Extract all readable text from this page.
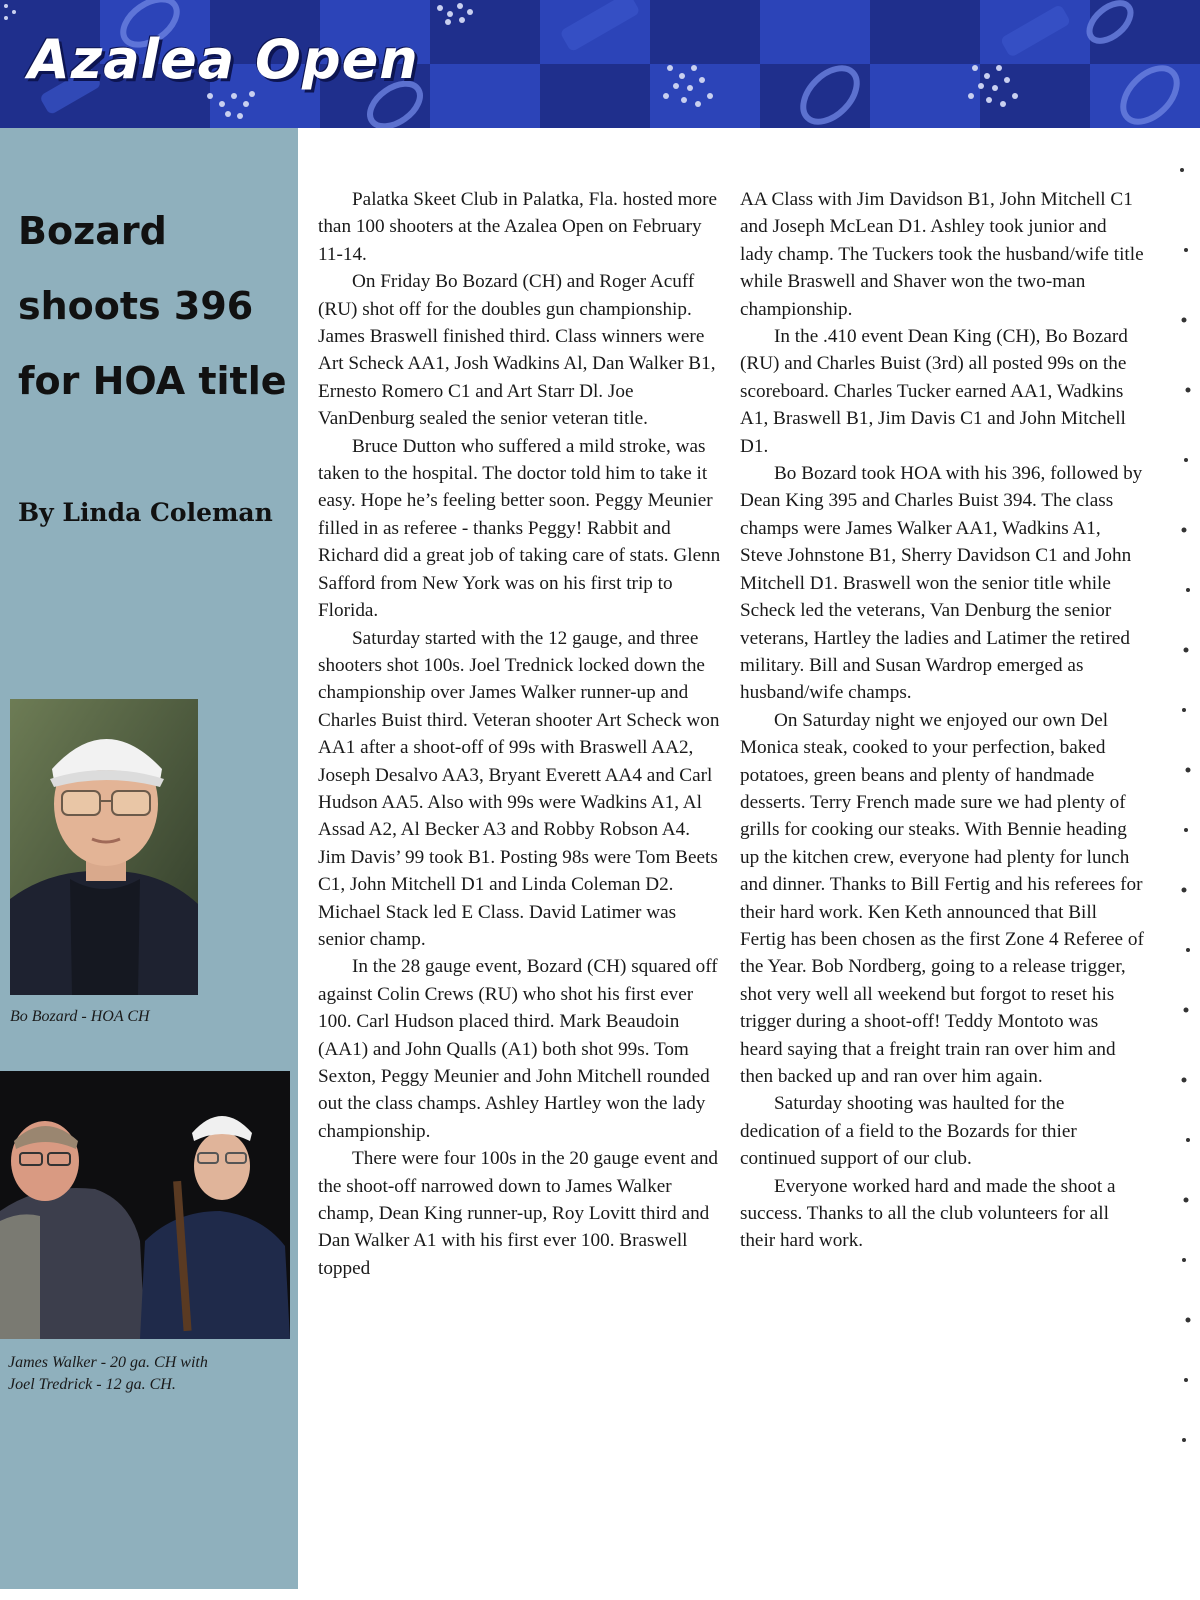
Azalea Open
Bozard shoots 396 for HOA title

By Linda Coleman

Bo Bozard - HOA CH

James Walker - 20 ga. CH with
Joel Tredrick - 12 ga. CH.

Palatka Skeet Club in Palatka, Fla. hosted more than 100 shooters at the Azalea Open on February 11-14.

On Friday Bo Bozard (CH) and Roger Acuff (RU) shot off for the doubles gun championship. James Braswell finished third. Class winners were Art Scheck AA1, Josh Wadkins Al, Dan Walker B1, Ernesto Romero C1 and Art Starr Dl. Joe VanDenburg sealed the senior veteran title.

Bruce Dutton who suffered a mild stroke, was taken to the hospital. The doctor told him to take it easy. Hope he’s feeling better soon. Peggy Meunier filled in as referee - thanks Peggy! Rabbit and Richard did a great job of taking care of stats. Glenn Safford from New York was on his first trip to Florida.

Saturday started with the 12 gauge, and three shooters shot 100s. Joel Trednick locked down the championship over James Walker runner-up and Charles Buist third. Veteran shooter Art Scheck won AA1 after a shoot-off of 99s with Braswell AA2, Joseph Desalvo AA3, Bryant Everett AA4 and Carl Hudson AA5. Also with 99s were Wadkins A1, Al Assad A2, Al Becker A3 and Robby Robson A4. Jim Davis’ 99 took B1. Posting 98s were Tom Beets C1, John Mitchell D1 and Linda Coleman D2. Michael Stack led E Class. David Latimer was senior champ.

In the 28 gauge event, Bozard (CH) squared off against Colin Crews (RU) who shot his first ever 100. Carl Hudson placed third. Mark Beaudoin (AA1) and John Qualls (A1) both shot 99s. Tom Sexton, Peggy Meunier and John Mitchell rounded out the class champs. Ashley Hartley won the lady championship.

There were four 100s in the 20 gauge event and the shoot-off narrowed down to James Walker champ, Dean King runner-up, Roy Lovitt third and Dan Walker A1 with his first ever 100. Braswell topped

AA Class with Jim Davidson B1, John Mitchell C1 and Joseph McLean D1. Ashley took junior and lady champ. The Tuckers took the husband/wife title while Braswell and Shaver won the two-man championship.

In the .410 event Dean King (CH), Bo Bozard (RU) and Charles Buist (3rd) all posted 99s on the scoreboard. Charles Tucker earned AA1, Wadkins A1, Braswell B1, Jim Davis C1 and John Mitchell D1.

Bo Bozard took HOA with his 396, followed by Dean King 395 and Charles Buist 394. The class champs were James Walker AA1, Wadkins A1, Steve Johnstone B1, Sherry Davidson C1 and John Mitchell D1. Braswell won the senior title while Scheck led the veterans, Van Denburg the senior veterans, Hartley the ladies and Latimer the retired military. Bill and Susan Wardrop emerged as husband/wife champs.

On Saturday night we enjoyed our own Del Monica steak, cooked to your perfection, baked potatoes, green beans and plenty of handmade desserts. Terry French made sure we had plenty of grills for cooking our steaks. With Bennie heading up the kitchen crew, everyone had plenty for lunch and dinner. Thanks to Bill Fertig and his referees for their hard work. Ken Keth announced that Bill Fertig has been chosen as the first Zone 4 Referee of the Year. Bob Nordberg, going to a release trigger, shot very well all weekend but forgot to reset his trigger during a shoot-off! Teddy Montoto was heard saying that a freight train ran over him and then backed up and ran over him again.

Saturday shooting was haulted for the dedication of a field to the Bozards for thier continued support of our club.

Everyone worked hard and made the shoot a success. Thanks to all the club volunteers for all their hard work.
